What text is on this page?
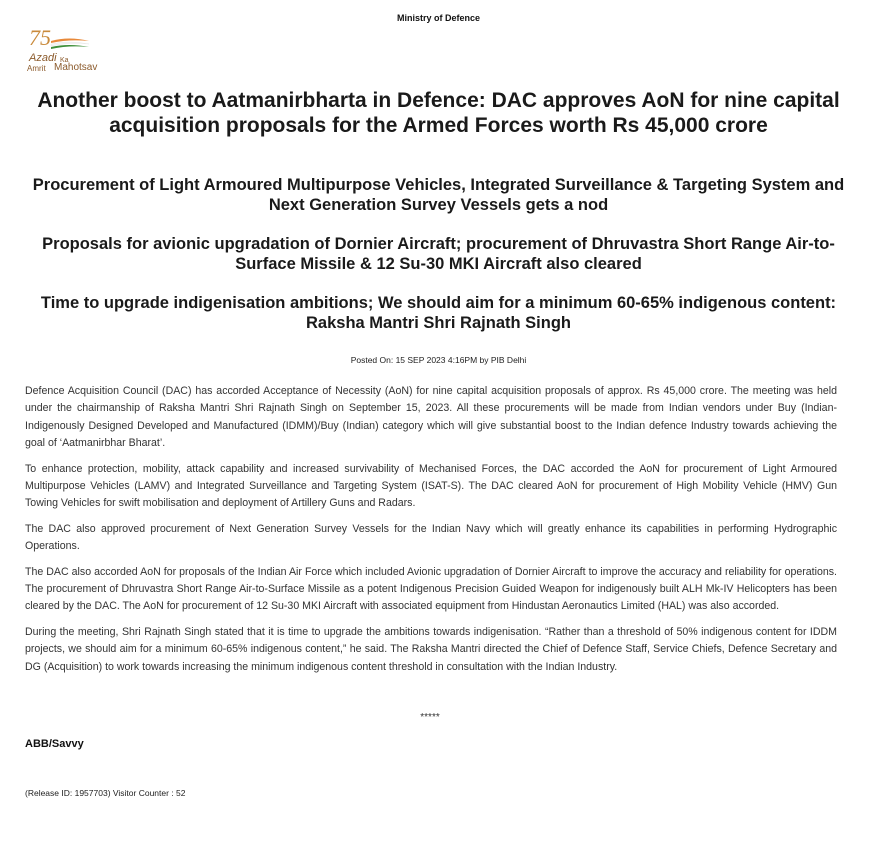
Ministry of Defence
75
Azadi Ka
Amrit Mahotsav
Another boost to Aatmanirbharta in Defence: DAC approves AoN for nine capital acquisition proposals for the Armed Forces worth Rs 45,000 crore
Procurement of Light Armoured Multipurpose Vehicles, Integrated Surveillance & Targeting System and Next Generation Survey Vessels gets a nod
Proposals for avionic upgradation of Dornier Aircraft; procurement of Dhruvastra Short Range Air-to-Surface Missile & 12 Su-30 MKI Aircraft also cleared
Time to upgrade indigenisation ambitions; We should aim for a minimum 60-65% indigenous content: Raksha Mantri Shri Rajnath Singh
Posted On: 15 SEP 2023 4:16PM by PIB Delhi

Defence Acquisition Council (DAC) has accorded Acceptance of Necessity (AoN) for nine capital acquisition proposals of approx. Rs 45,000 crore. The meeting was held under the chairmanship of Raksha Mantri Shri Rajnath Singh on September 15, 2023. All these procurements will be made from Indian vendors under Buy (Indian-Indigenously Designed Developed and Manufactured (IDMM)/Buy (Indian) category which will give substantial boost to the Indian defence Industry towards achieving the goal of ‘Aatmanirbhar Bharat’.

To enhance protection, mobility, attack capability and increased survivability of Mechanised Forces, the DAC accorded the AoN for procurement of Light Armoured Multipurpose Vehicles (LAMV) and Integrated Surveillance and Targeting System (ISAT-S). The DAC cleared AoN for procurement of High Mobility Vehicle (HMV) Gun Towing Vehicles for swift mobilisation and deployment of Artillery Guns and Radars.

The DAC also approved procurement of Next Generation Survey Vessels for the Indian Navy which will greatly enhance its capabilities in performing Hydrographic Operations.

The DAC also accorded AoN for proposals of the Indian Air Force which included Avionic upgradation of Dornier Aircraft to improve the accuracy and reliability for operations. The procurement of Dhruvastra Short Range Air-to-Surface Missile as a potent Indigenous Precision Guided Weapon for indigenously built ALH Mk-IV Helicopters has been cleared by the DAC. The AoN for procurement of 12 Su-30 MKI Aircraft with associated equipment from Hindustan Aeronautics Limited (HAL) was also accorded.

During the meeting, Shri Rajnath Singh stated that it is time to upgrade the ambitions towards indigenisation. “Rather than a threshold of 50% indigenous content for IDDM projects, we should aim for a minimum 60-65% indigenous content,” he said. The Raksha Mantri directed the Chief of Defence Staff, Service Chiefs, Defence Secretary and DG (Acquisition) to work towards increasing the minimum indigenous content threshold in consultation with the Indian Industry.

*****
ABB/Savvy
(Release ID: 1957703) Visitor Counter : 52
